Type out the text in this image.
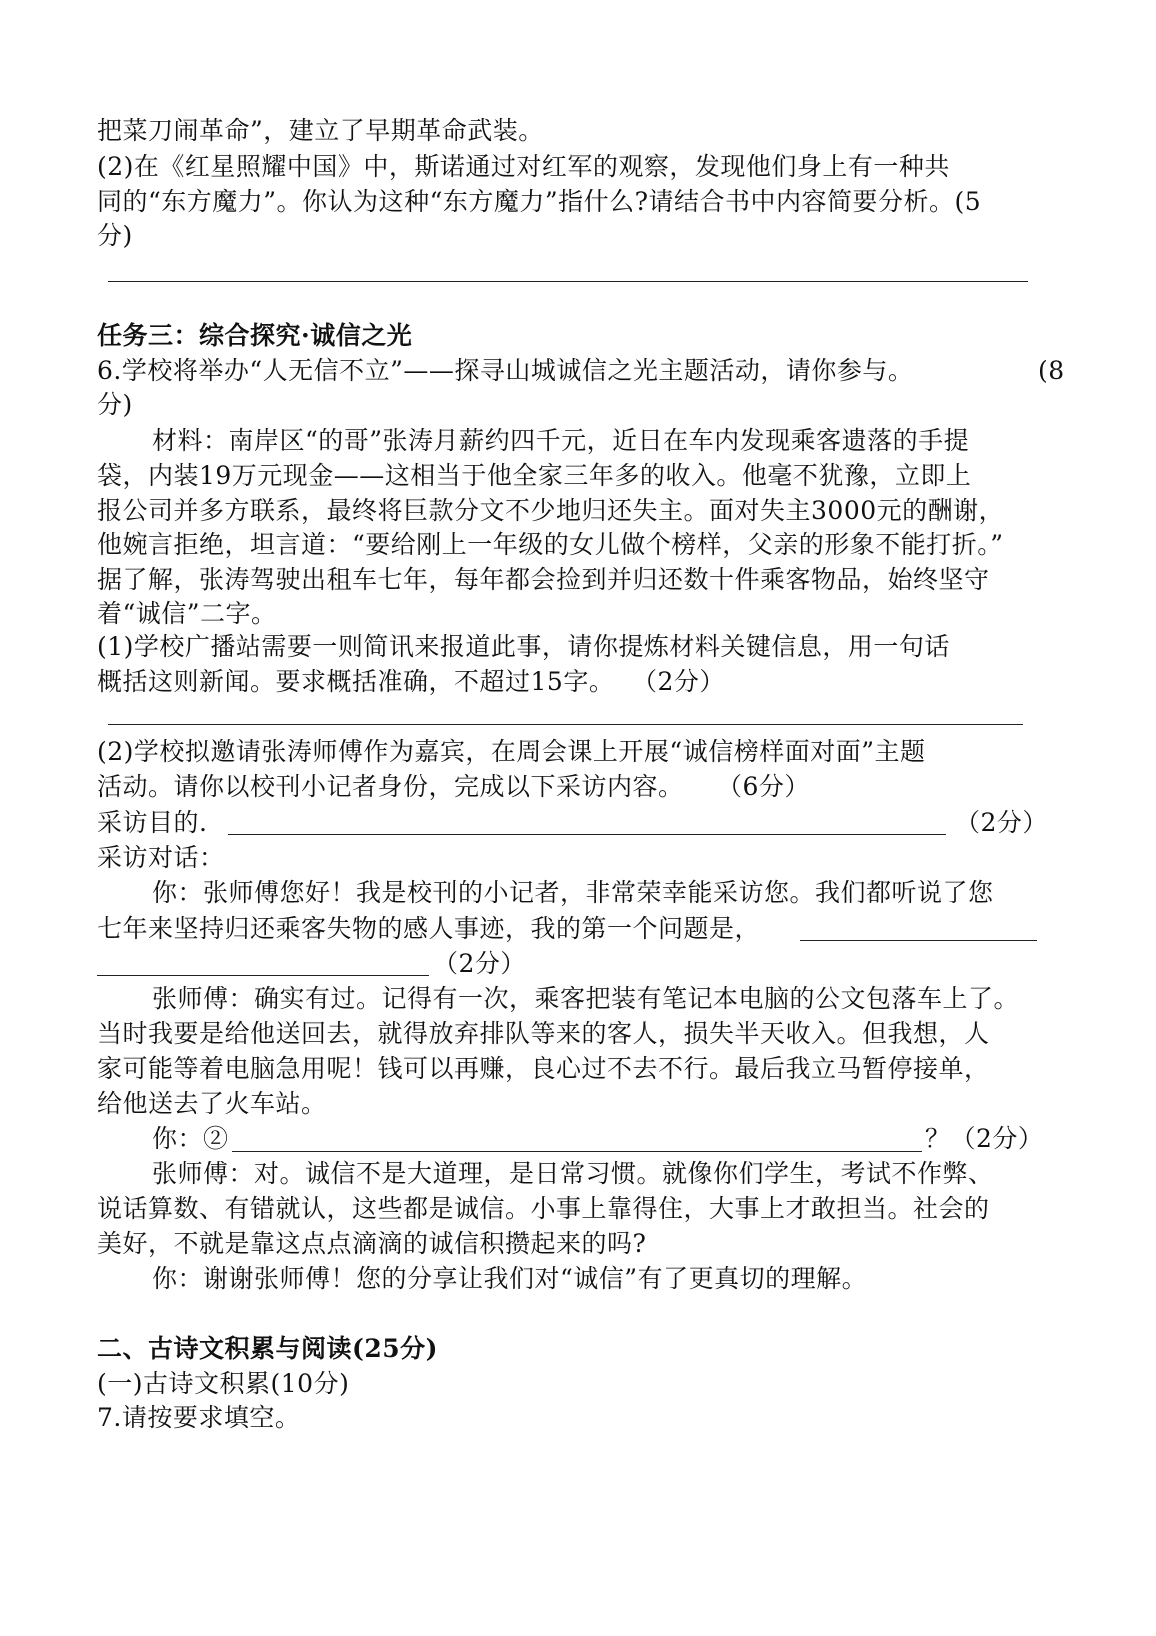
把菜刀闹革命”，建立了早期革命武装。
(2)在《红星照耀中国》中，斯诺通过对红军的观察，发现他们身上有一种共
同的“东方魔力”。你认为这种“东方魔力”指什么?请结合书中内容简要分析。(5
分)
任务三：综合探究·诚信之光
6.学校将举办“人无信不立”——探寻山城诚信之光主题活动，请你参与。	(8
分)
材料：南岸区“的哥”张涛月薪约四千元，近日在车内发现乘客遗落的手提
袋，内装19万元现金——这相当于他全家三年多的收入。他毫不犹豫，立即上
报公司并多方联系，最终将巨款分文不少地归还失主。面对失主3000元的酬谢，
他婉言拒绝，坦言道：“要给刚上一年级的女儿做个榜样，父亲的形象不能打折。”
据了解，张涛驾驶出租车七年，每年都会捡到并归还数十件乘客物品，始终坚守
着“诚信”二字。
(1)学校广播站需要一则简讯来报道此事，请你提炼材料关键信息，用一句话
概括这则新闻。要求概括准确，不超过15字。 （2分）
(2)学校拟邀请张涛师傅作为嘉宾，在周会课上开展“诚信榜样面对面”主题
活动。请你以校刊小记者身份，完成以下采访内容。 （6分）
采访目的.	（2分）
采访对话：
你：张师傅您好！我是校刊的小记者，非常荣幸能采访您。我们都听说了您
七年来坚持归还乘客失物的感人事迹，我的第一个问题是，
（2分）
张师傅：确实有过。记得有一次，乘客把装有笔记本电脑的公文包落车上了。
当时我要是给他送回去，就得放弃排队等来的客人，损失半天收入。但我想，人
家可能等着电脑急用呢！钱可以再赚，良心过不去不行。最后我立马暂停接单，
给他送去了火车站。
你：②	？（2分）
张师傅：对。诚信不是大道理，是日常习惯。就像你们学生，考试不作弊、
说话算数、有错就认，这些都是诚信。小事上靠得住，大事上才敢担当。社会的
美好，不就是靠这点点滴滴的诚信积攒起来的吗?
你：谢谢张师傅！您的分享让我们对“诚信”有了更真切的理解。
二、古诗文积累与阅读(25分)
(一)古诗文积累(10分)
7.请按要求填空。
